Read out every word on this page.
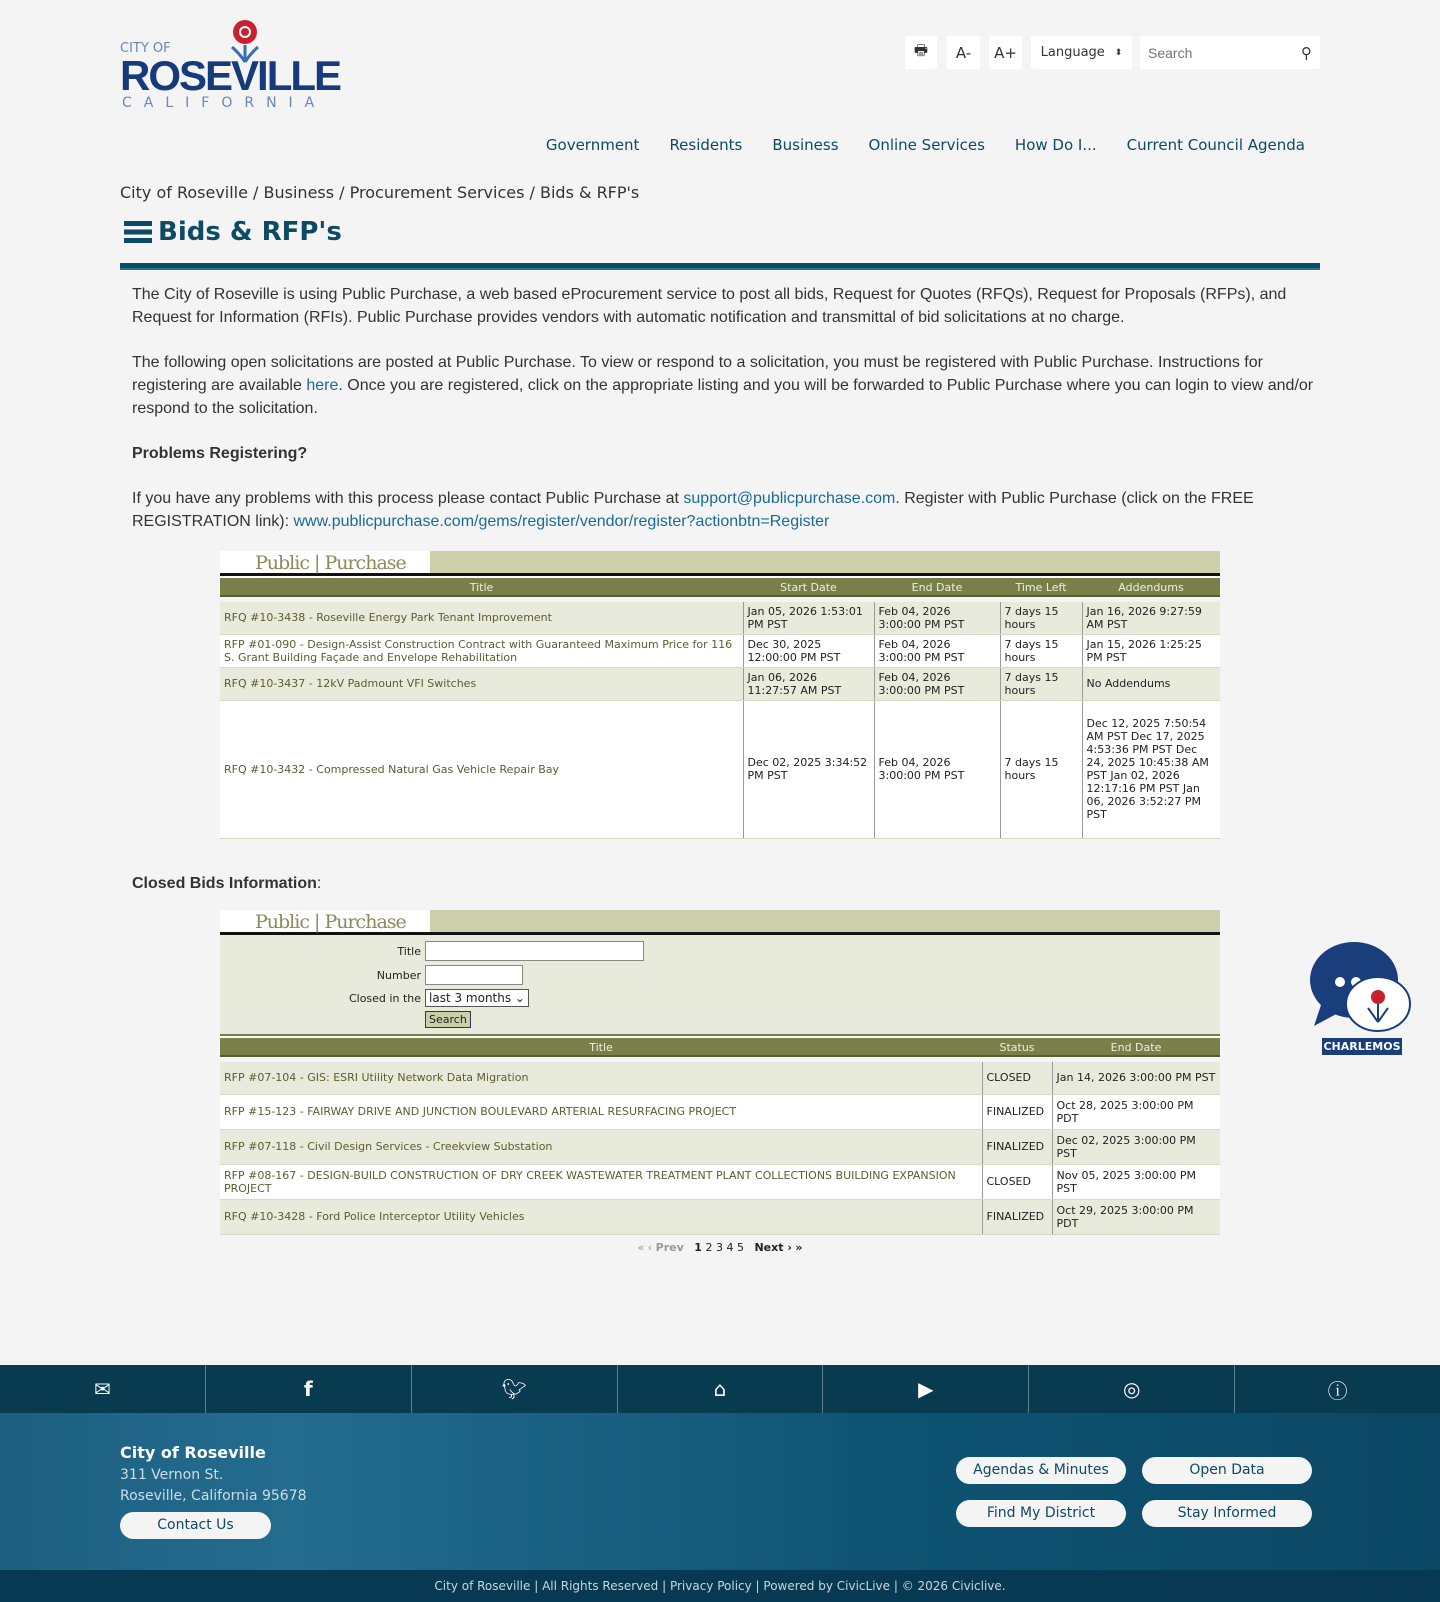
CITY OF
ROSEVILLE
CALIFORNIA
🖶	A-	A+	Language ⬍
Search	⚲
Government Residents Business Online Services How Do I... Current Council Agenda
City of Roseville / Business / Procurement Services / Bids & RFP's
Bids & RFP's
The City of Roseville is using Public Purchase, a web based eProcurement service to post all bids, Request for Quotes (RFQs), Request for Proposals (RFPs), and Request for Information (RFIs). Public Purchase provides vendors with automatic notification and transmittal of bid solicitations at no charge.
The following open solicitations are posted at Public Purchase. To view or respond to a solicitation, you must be registered with Public Purchase. Instructions for registering are available here. Once you are registered, click on the appropriate listing and you will be forwarded to Public Purchase where you can login to view and/or respond to the solicitation.
Problems Registering?
If you have any problems with this process please contact Public Purchase at support@publicpurchase.com. Register with Public Purchase (click on the FREE REGISTRATION link): www.publicpurchase.com/gems/register/vendor/register?actionbtn=Register
Public | Purchase
Title	Start Date	End Date	Time Left	Addendums
RFQ #10-3438 - Roseville Energy Park Tenant Improvement	Jan 05, 2026 1:53:01 PM PST	Feb 04, 2026 3:00:00 PM PST	7 days 15 hours	Jan 16, 2026 9:27:59 AM PST
RFP #01-090 - Design-Assist Construction Contract with Guaranteed Maximum Price for 116 S. Grant Building Façade and Envelope Rehabilitation	Dec 30, 2025 12:00:00 PM PST	Feb 04, 2026 3:00:00 PM PST	7 days 15 hours	Jan 15, 2026 1:25:25 PM PST
RFQ #10-3437 - 12kV Padmount VFI Switches	Jan 06, 2026 11:27:57 AM PST	Feb 04, 2026 3:00:00 PM PST	7 days 15 hours	No Addendums
RFQ #10-3432 - Compressed Natural Gas Vehicle Repair Bay	Dec 02, 2025 3:34:52 PM PST	Feb 04, 2026 3:00:00 PM PST	7 days 15 hours	Dec 12, 2025 7:50:54 AM PST Dec 17, 2025 4:53:36 PM PST Dec 24, 2025 10:45:38 AM PST Jan 02, 2026 12:17:16 PM PST Jan 06, 2026 3:52:27 PM PST
Closed Bids Information:
Public | Purchase
Title
Number
Closed in the last 3 months ⌄
Search
Title	Status	End Date
RFP #07-104 - GIS: ESRI Utility Network Data Migration	CLOSED	Jan 14, 2026 3:00:00 PM PST
RFP #15-123 - FAIRWAY DRIVE AND JUNCTION BOULEVARD ARTERIAL RESURFACING PROJECT	FINALIZED	Oct 28, 2025 3:00:00 PM PDT
RFP #07-118 - Civil Design Services - Creekview Substation	FINALIZED	Dec 02, 2025 3:00:00 PM PST
RFP #08-167 - DESIGN-BUILD CONSTRUCTION OF DRY CREEK WASTEWATER TREATMENT PLANT COLLECTIONS BUILDING EXPANSION PROJECT	CLOSED	Nov 05, 2025 3:00:00 PM PST
RFQ #10-3428 - Ford Police Interceptor Utility Vehicles	FINALIZED	Oct 29, 2025 3:00:00 PM PDT
« ‹ Prev 1 2 3 4 5 Next › »
CHARLEMOS
✉	f	🐦︎	⌂	▶	◎	ⓘ
City of Roseville
311 Vernon St.
Roseville, California 95678
Contact Us
Agendas & Minutes	Open Data
Find My District	Stay Informed
City of Roseville | All Rights Reserved | Privacy Policy | Powered by CivicLive | © 2026 Civiclive.
